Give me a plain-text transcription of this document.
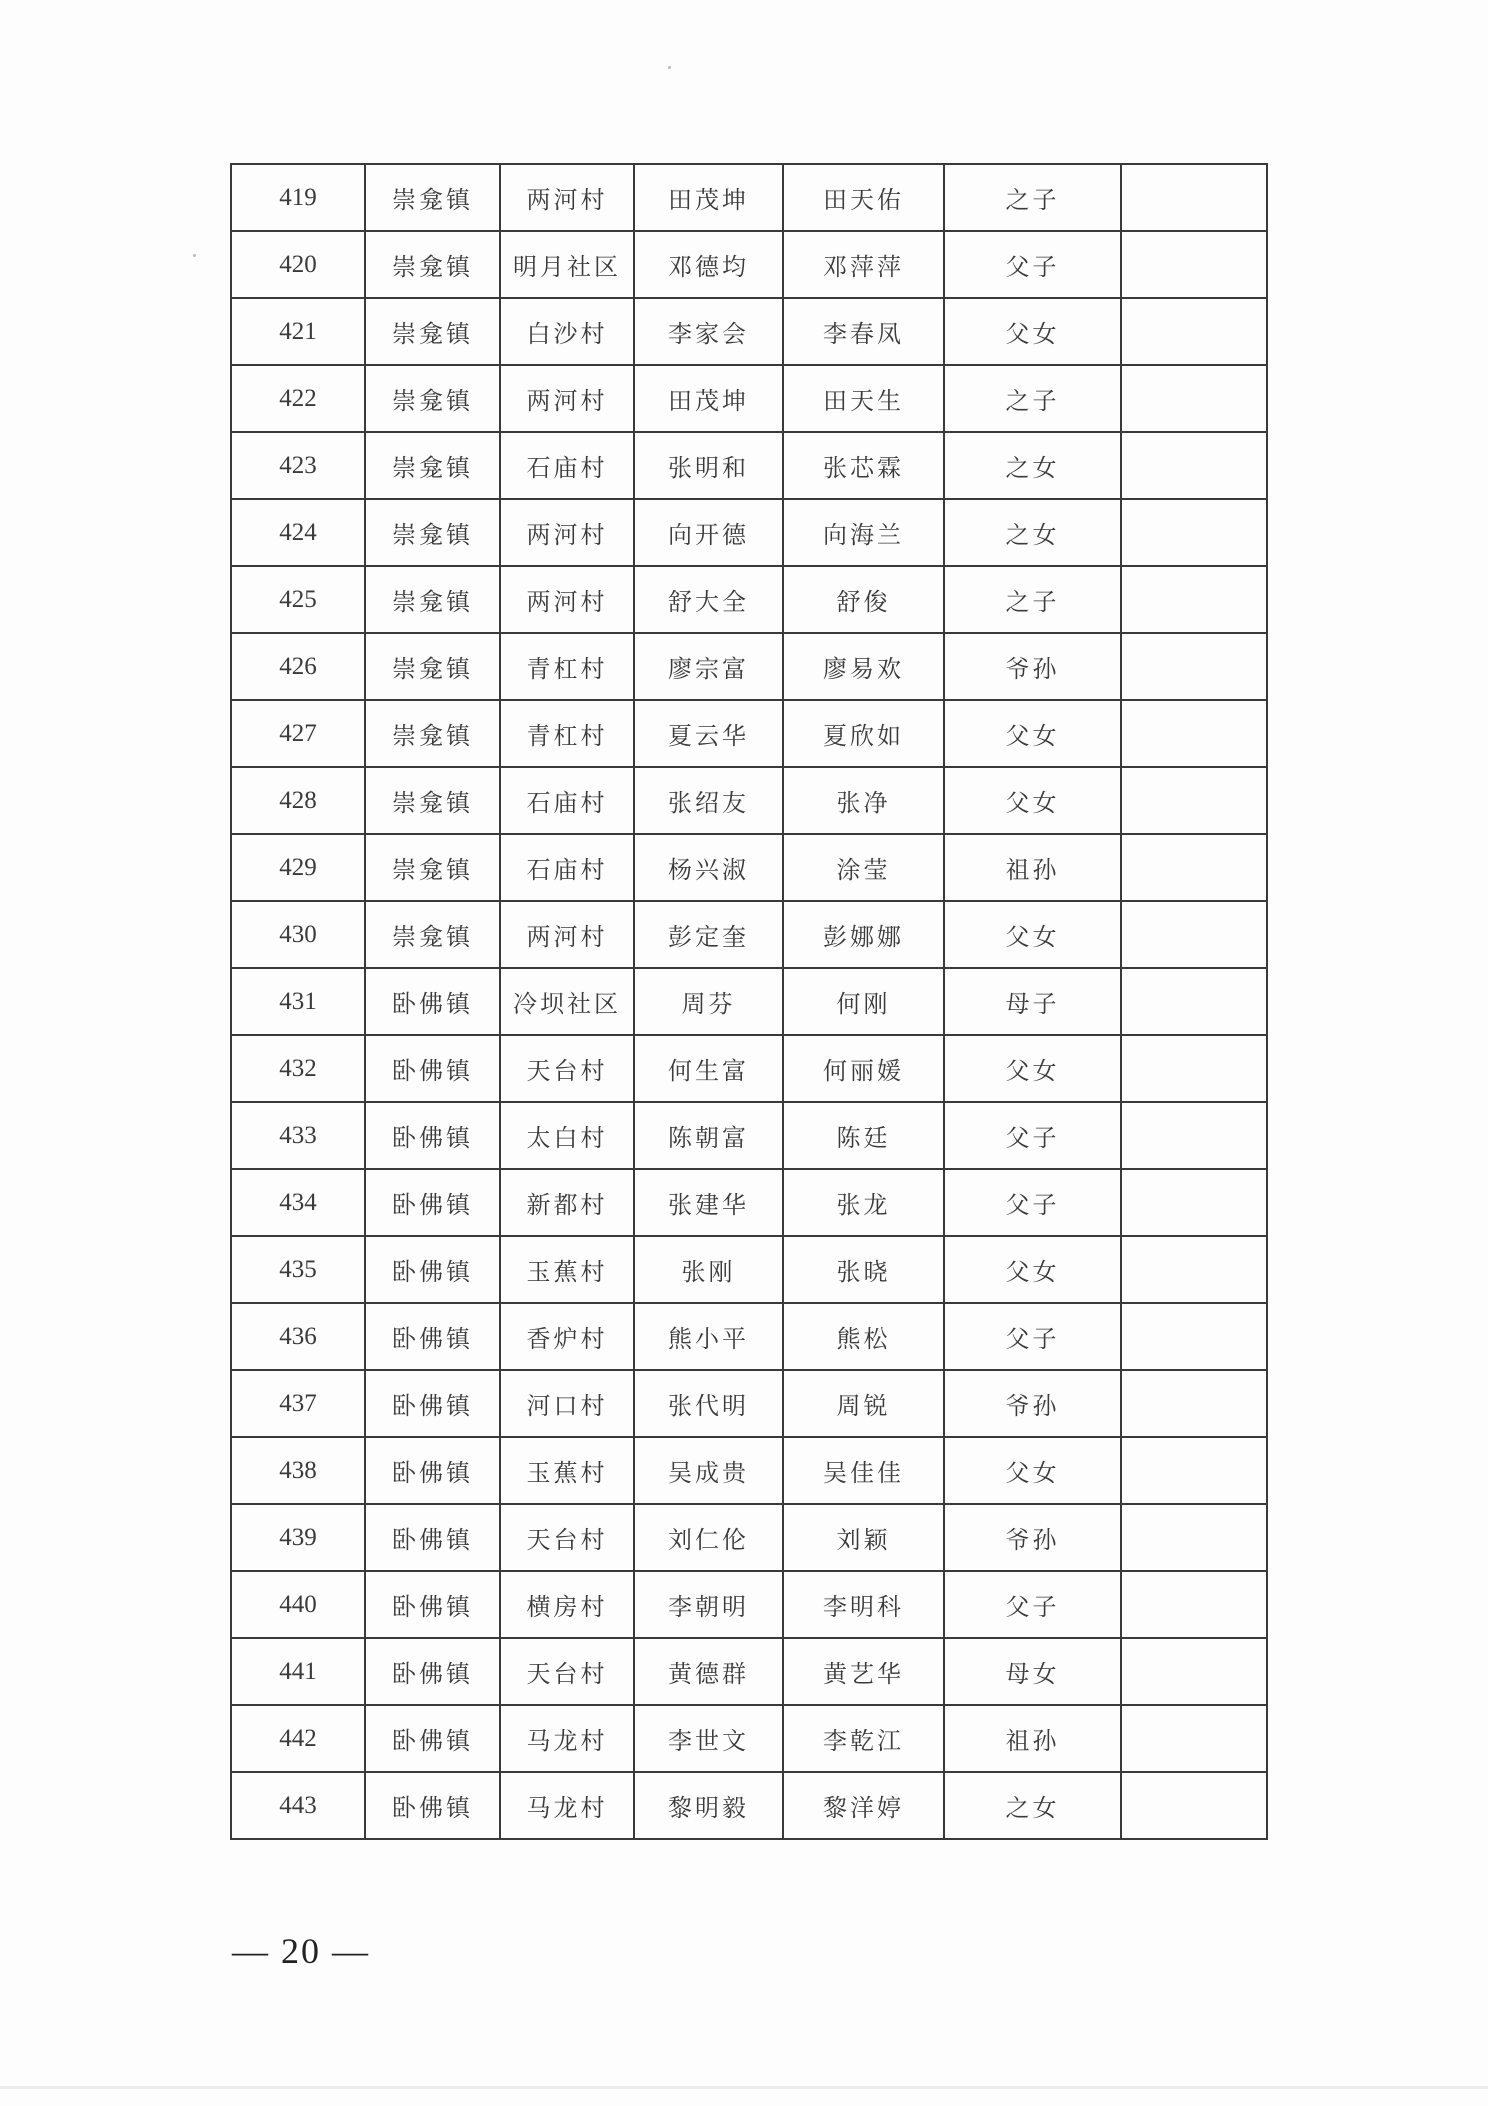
419	崇龛镇	两河村	田茂坤	田天佑	之子	
420	崇龛镇	明月社区	邓德均	邓萍萍	父子	
421	崇龛镇	白沙村	李家会	李春凤	父女	
422	崇龛镇	两河村	田茂坤	田天生	之子	
423	崇龛镇	石庙村	张明和	张芯霖	之女	
424	崇龛镇	两河村	向开德	向海兰	之女	
425	崇龛镇	两河村	舒大全	舒俊	之子	
426	崇龛镇	青杠村	廖宗富	廖易欢	爷孙	
427	崇龛镇	青杠村	夏云华	夏欣如	父女	
428	崇龛镇	石庙村	张绍友	张净	父女	
429	崇龛镇	石庙村	杨兴淑	涂莹	祖孙	
430	崇龛镇	两河村	彭定奎	彭娜娜	父女	
431	卧佛镇	冷坝社区	周芬	何刚	母子	
432	卧佛镇	天台村	何生富	何丽媛	父女	
433	卧佛镇	太白村	陈朝富	陈廷	父子	
434	卧佛镇	新都村	张建华	张龙	父子	
435	卧佛镇	玉蕉村	张刚	张晓	父女	
436	卧佛镇	香炉村	熊小平	熊松	父子	
437	卧佛镇	河口村	张代明	周锐	爷孙	
438	卧佛镇	玉蕉村	吴成贵	吴佳佳	父女	
439	卧佛镇	天台村	刘仁伦	刘颖	爷孙	
440	卧佛镇	横房村	李朝明	李明科	父子	
441	卧佛镇	天台村	黄德群	黄艺华	母女	
442	卧佛镇	马龙村	李世文	李乾江	祖孙	
443	卧佛镇	马龙村	黎明毅	黎洋婷	之女	
— 20 —
